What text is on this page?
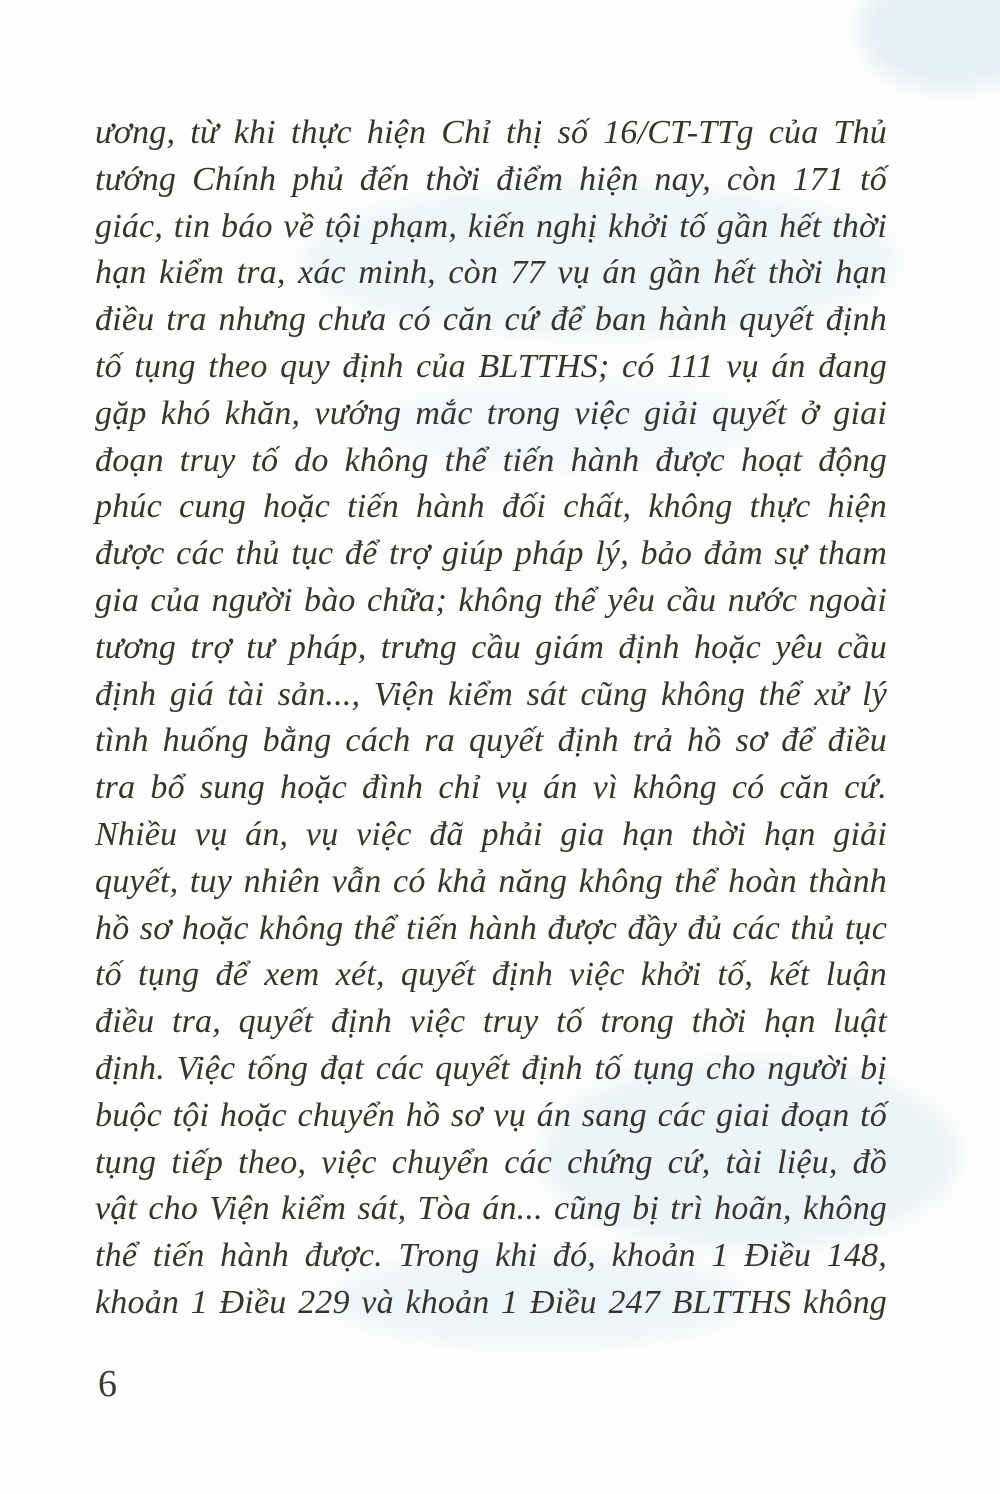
ương, từ khi thực hiện Chỉ thị số 16/CT-TTg của Thủ
tướng Chính phủ đến thời điểm hiện nay, còn 171 tố
giác, tin báo về tội phạm, kiến nghị khởi tố gần hết thời
hạn kiểm tra, xác minh, còn 77 vụ án gần hết thời hạn
điều tra nhưng chưa có căn cứ để ban hành quyết định
tố tụng theo quy định của BLTTHS; có 111 vụ án đang
gặp khó khăn, vướng mắc trong việc giải quyết ở giai
đoạn truy tố do không thể tiến hành được hoạt động
phúc cung hoặc tiến hành đối chất, không thực hiện
được các thủ tục để trợ giúp pháp lý, bảo đảm sự tham
gia của người bào chữa; không thể yêu cầu nước ngoài
tương trợ tư pháp, trưng cầu giám định hoặc yêu cầu
định giá tài sản..., Viện kiểm sát cũng không thể xử lý
tình huống bằng cách ra quyết định trả hồ sơ để điều
tra bổ sung hoặc đình chỉ vụ án vì không có căn cứ.
Nhiều vụ án, vụ việc đã phải gia hạn thời hạn giải
quyết, tuy nhiên vẫn có khả năng không thể hoàn thành
hồ sơ hoặc không thể tiến hành được đầy đủ các thủ tục
tố tụng để xem xét, quyết định việc khởi tố, kết luận
điều tra, quyết định việc truy tố trong thời hạn luật
định. Việc tống đạt các quyết định tố tụng cho người bị
buộc tội hoặc chuyển hồ sơ vụ án sang các giai đoạn tố
tụng tiếp theo, việc chuyển các chứng cứ, tài liệu, đồ
vật cho Viện kiểm sát, Tòa án... cũng bị trì hoãn, không
thể tiến hành được. Trong khi đó, khoản 1 Điều 148,
khoản 1 Điều 229 và khoản 1 Điều 247 BLTTHS không
6
